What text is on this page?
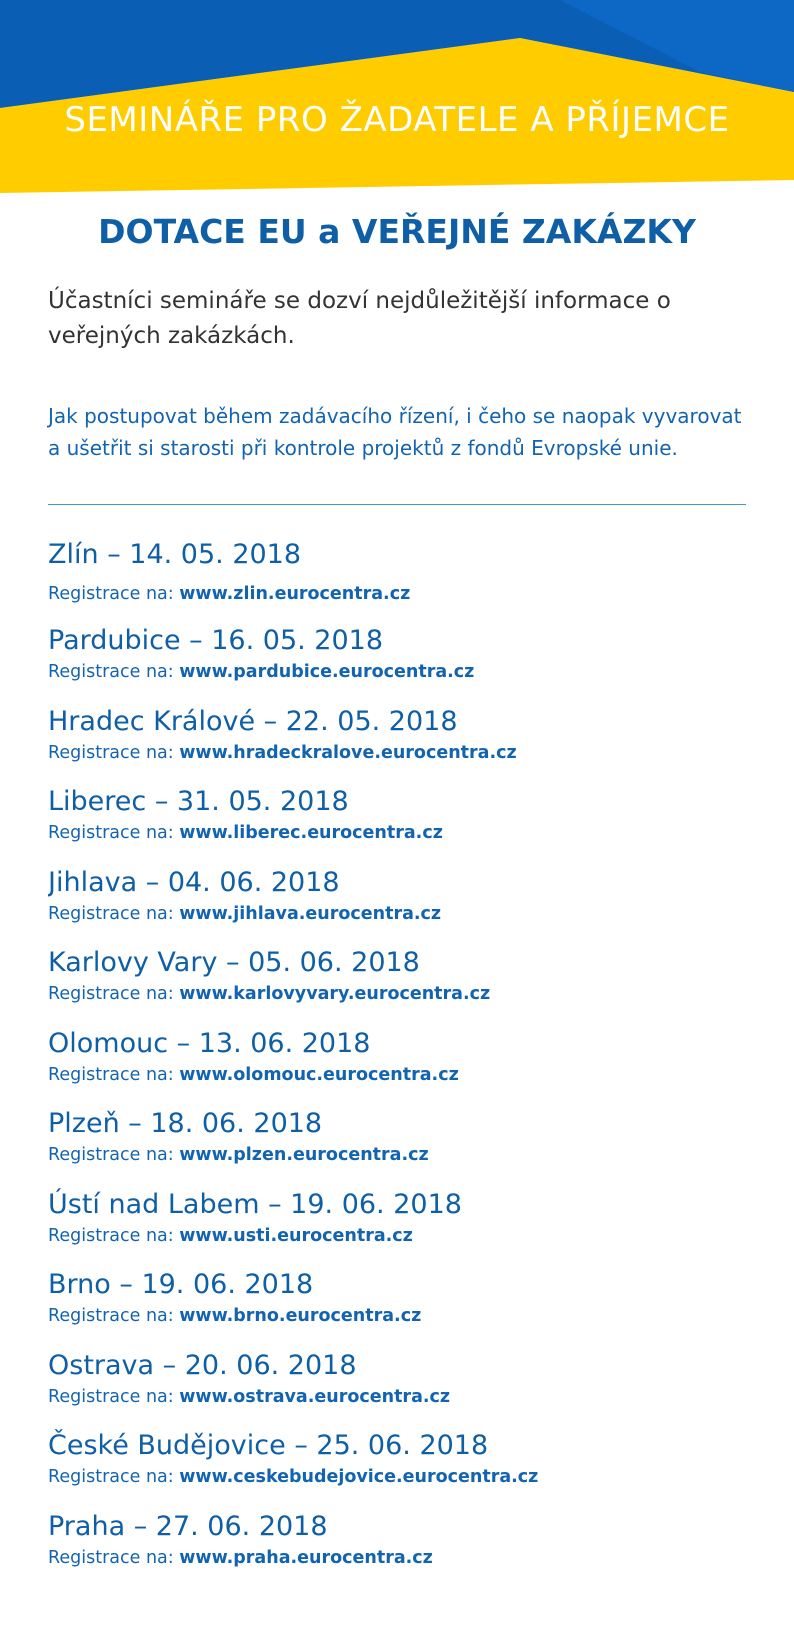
SEMINÁŘE PRO ŽADATELE A PŘÍJEMCE
DOTACE EU a VEŘEJNÉ ZAKÁZKY

Účastníci semináře se dozví nejdůležitější informace o veřejných zakázkách.

Jak postupovat během zadávacího řízení, i čeho se naopak vyvarovat a ušetřit si starosti při kontrole projektů z fondů Evropské unie.

Zlín – 14. 05. 2018
Registrace na: www.zlin.eurocentra.cz
Pardubice – 16. 05. 2018
Registrace na: www.pardubice.eurocentra.cz
Hradec Králové – 22. 05. 2018
Registrace na: www.hradeckralove.eurocentra.cz
Liberec – 31. 05. 2018
Registrace na: www.liberec.eurocentra.cz
Jihlava – 04. 06. 2018
Registrace na: www.jihlava.eurocentra.cz
Karlovy Vary – 05. 06. 2018
Registrace na: www.karlovyvary.eurocentra.cz
Olomouc – 13. 06. 2018
Registrace na: www.olomouc.eurocentra.cz
Plzeň – 18. 06. 2018
Registrace na: www.plzen.eurocentra.cz
Ústí nad Labem – 19. 06. 2018
Registrace na: www.usti.eurocentra.cz
Brno – 19. 06. 2018
Registrace na: www.brno.eurocentra.cz
Ostrava – 20. 06. 2018
Registrace na: www.ostrava.eurocentra.cz
České Budějovice – 25. 06. 2018
Registrace na: www.ceskebudejovice.eurocentra.cz
Praha – 27. 06. 2018
Registrace na: www.praha.eurocentra.cz
